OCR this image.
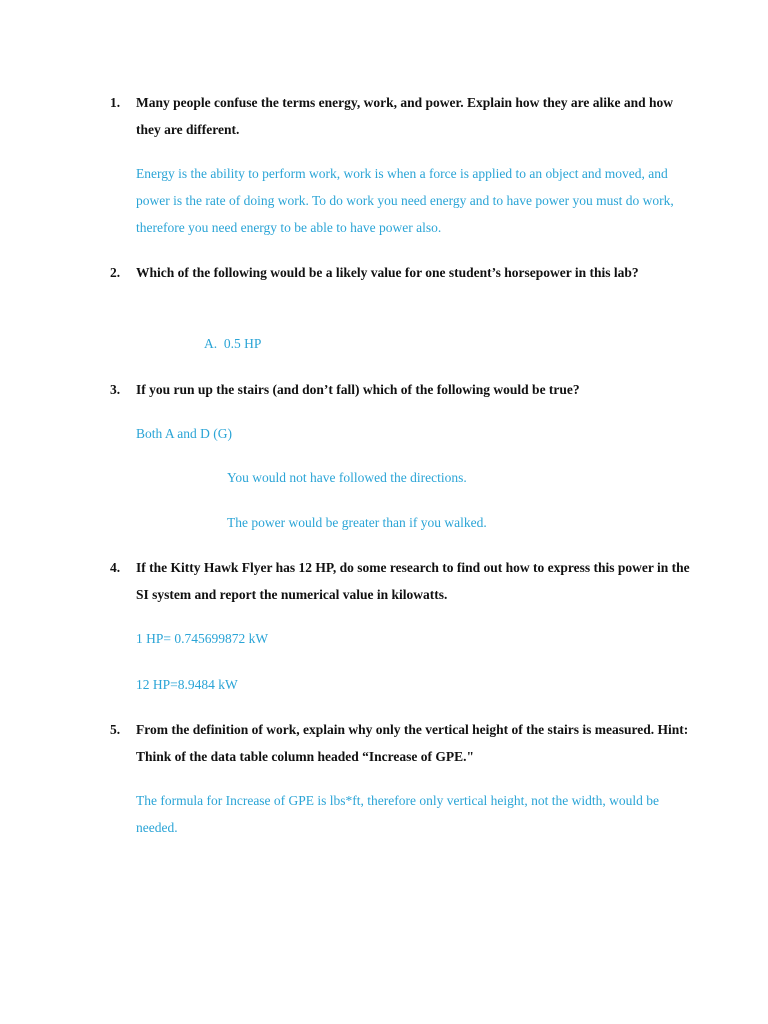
1. Many people confuse the terms energy, work, and power. Explain how they are alike and how they are different.
Energy is the ability to perform work, work is when a force is applied to an object and moved, and power is the rate of doing work. To do work you need energy and to have power you must do work, therefore you need energy to be able to have power also.
2. Which of the following would be a likely value for one student’s horsepower in this lab?
A.  0.5 HP
3. If you run up the stairs (and don’t fall) which of the following would be true?
Both A and D (G)
You would not have followed the directions.
The power would be greater than if you walked.
4. If the Kitty Hawk Flyer has 12 HP, do some research to find out how to express this power in the SI system and report the numerical value in kilowatts.
1 HP= 0.745699872 kW
12 HP=8.9484 kW
5. From the definition of work, explain why only the vertical height of the stairs is measured. Hint: Think of the data table column headed “Increase of GPE."
The formula for Increase of GPE is lbs*ft, therefore only vertical height, not the width, would be needed.
